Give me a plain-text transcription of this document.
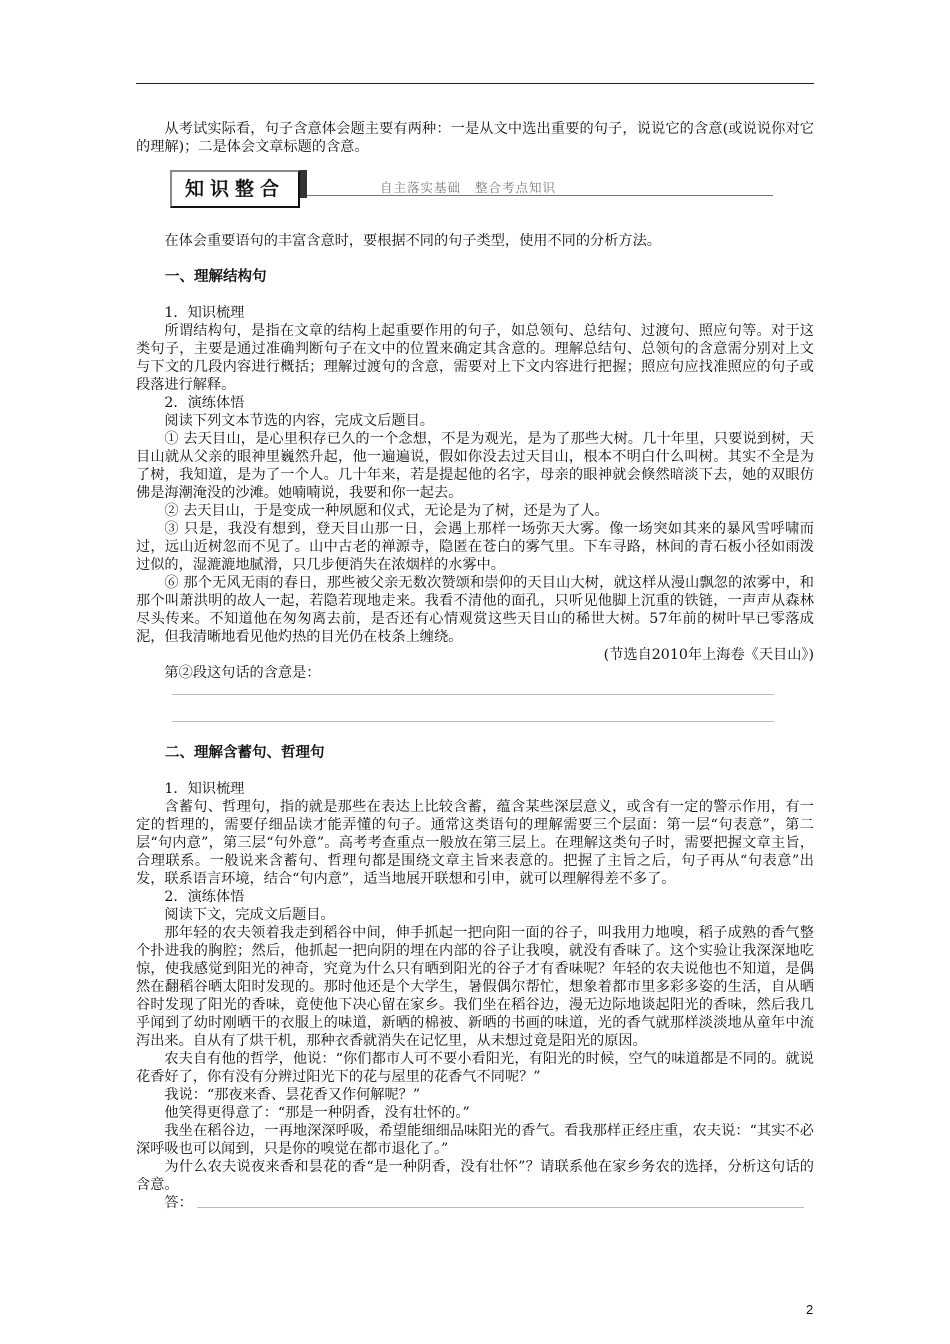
从考试实际看，句子含意体会题主要有两种：一是从文中选出重要的句子，说说它的含意(或说说你对它的理解)；二是体会文章标题的含意。

知识整合	自主落实基础 整合考点知识

在体会重要语句的丰富含意时，要根据不同的句子类型，使用不同的分析方法。

一、理解结构句

1．知识梳理

所谓结构句，是指在文章的结构上起重要作用的句子，如总领句、总结句、过渡句、照应句等。对于这类句子，主要是通过准确判断句子在文中的位置来确定其含意的。理解总结句、总领句的含意需分别对上文与下文的几段内容进行概括；理解过渡句的含意，需要对上下文内容进行把握；照应句应找准照应的句子或段落进行解释。

2．演练体悟

阅读下列文本节选的内容，完成文后题目。

① 去天目山，是心里积存已久的一个念想，不是为观光，是为了那些大树。几十年里，只要说到树，天目山就从父亲的眼神里巍然升起，他一遍遍说，假如你没去过天目山，根本不明白什么叫树。其实不全是为了树，我知道，是为了一个人。几十年来，若是提起他的名字，母亲的眼神就会倏然暗淡下去，她的双眼仿佛是海潮淹没的沙滩。她喃喃说，我要和你一起去。

② 去天目山，于是变成一种夙愿和仪式，无论是为了树，还是为了人。

③ 只是，我没有想到，登天目山那一日，会遇上那样一场弥天大雾。像一场突如其来的暴风雪呼啸而过，远山近树忽而不见了。山中古老的禅源寺，隐匿在苍白的雾气里。下车寻路，林间的青石板小径如雨泼过似的，湿漉漉地腻滑，只几步便消失在浓烟样的水雾中。

⑥ 那个无风无雨的春日，那些被父亲无数次赞颂和崇仰的天目山大树，就这样从漫山飘忽的浓雾中，和那个叫萧洪明的故人一起，若隐若现地走来。我看不清他的面孔，只听见他脚上沉重的铁链，一声声从森林尽头传来。不知道他在匆匆离去前，是否还有心情观赏这些天目山的稀世大树。57年前的树叶早已零落成泥，但我清晰地看见他灼热的目光仍在枝条上缠绕。

(节选自2010年上海卷《天目山》)

第②段这句话的含意是：

二、理解含蓄句、哲理句

1．知识梳理

含蓄句、哲理句，指的就是那些在表达上比较含蓄，蕴含某些深层意义，或含有一定的警示作用，有一定的哲理的，需要仔细品读才能弄懂的句子。通常这类语句的理解需要三个层面：第一层“句表意”，第二层“句内意”，第三层“句外意”。高考考查重点一般放在第三层上。在理解这类句子时，需要把握文章主旨，合理联系。一般说来含蓄句、哲理句都是围绕文章主旨来表意的。把握了主旨之后，句子再从“句表意”出发，联系语言环境，结合“句内意”，适当地展开联想和引申，就可以理解得差不多了。

2．演练体悟

阅读下文，完成文后题目。

那年轻的农夫领着我走到稻谷中间，伸手抓起一把向阳一面的谷子，叫我用力地嗅，稻子成熟的香气整个扑进我的胸腔；然后，他抓起一把向阴的埋在内部的谷子让我嗅，就没有香味了。这个实验让我深深地吃惊，使我感觉到阳光的神奇，究竟为什么只有晒到阳光的谷子才有香味呢？年轻的农夫说他也不知道，是偶然在翻稻谷晒太阳时发现的。那时他还是个大学生，暑假偶尔帮忙，想象着都市里多彩多姿的生活，自从晒谷时发现了阳光的香味，竟使他下决心留在家乡。我们坐在稻谷边，漫无边际地谈起阳光的香味，然后我几乎闻到了幼时刚晒干的衣服上的味道，新晒的棉被、新晒的书画的味道，光的香气就那样淡淡地从童年中流泻出来。自从有了烘干机，那种衣香就消失在记忆里，从未想过竟是阳光的原因。

农夫自有他的哲学，他说：“你们都市人可不要小看阳光，有阳光的时候，空气的味道都是不同的。就说花香好了，你有没有分辨过阳光下的花与屋里的花香气不同呢？”

我说：“那夜来香、昙花香又作何解呢？”

他笑得更得意了：“那是一种阴香，没有壮怀的。”

我坐在稻谷边，一再地深深呼吸，希望能细细品味阳光的香气。看我那样正经庄重，农夫说：“其实不必深呼吸也可以闻到，只是你的嗅觉在都市退化了。”

为什么农夫说夜来香和昙花的香“是一种阴香，没有壮怀”？请联系他在家乡务农的选择，分析这句话的含意。

答：
2
